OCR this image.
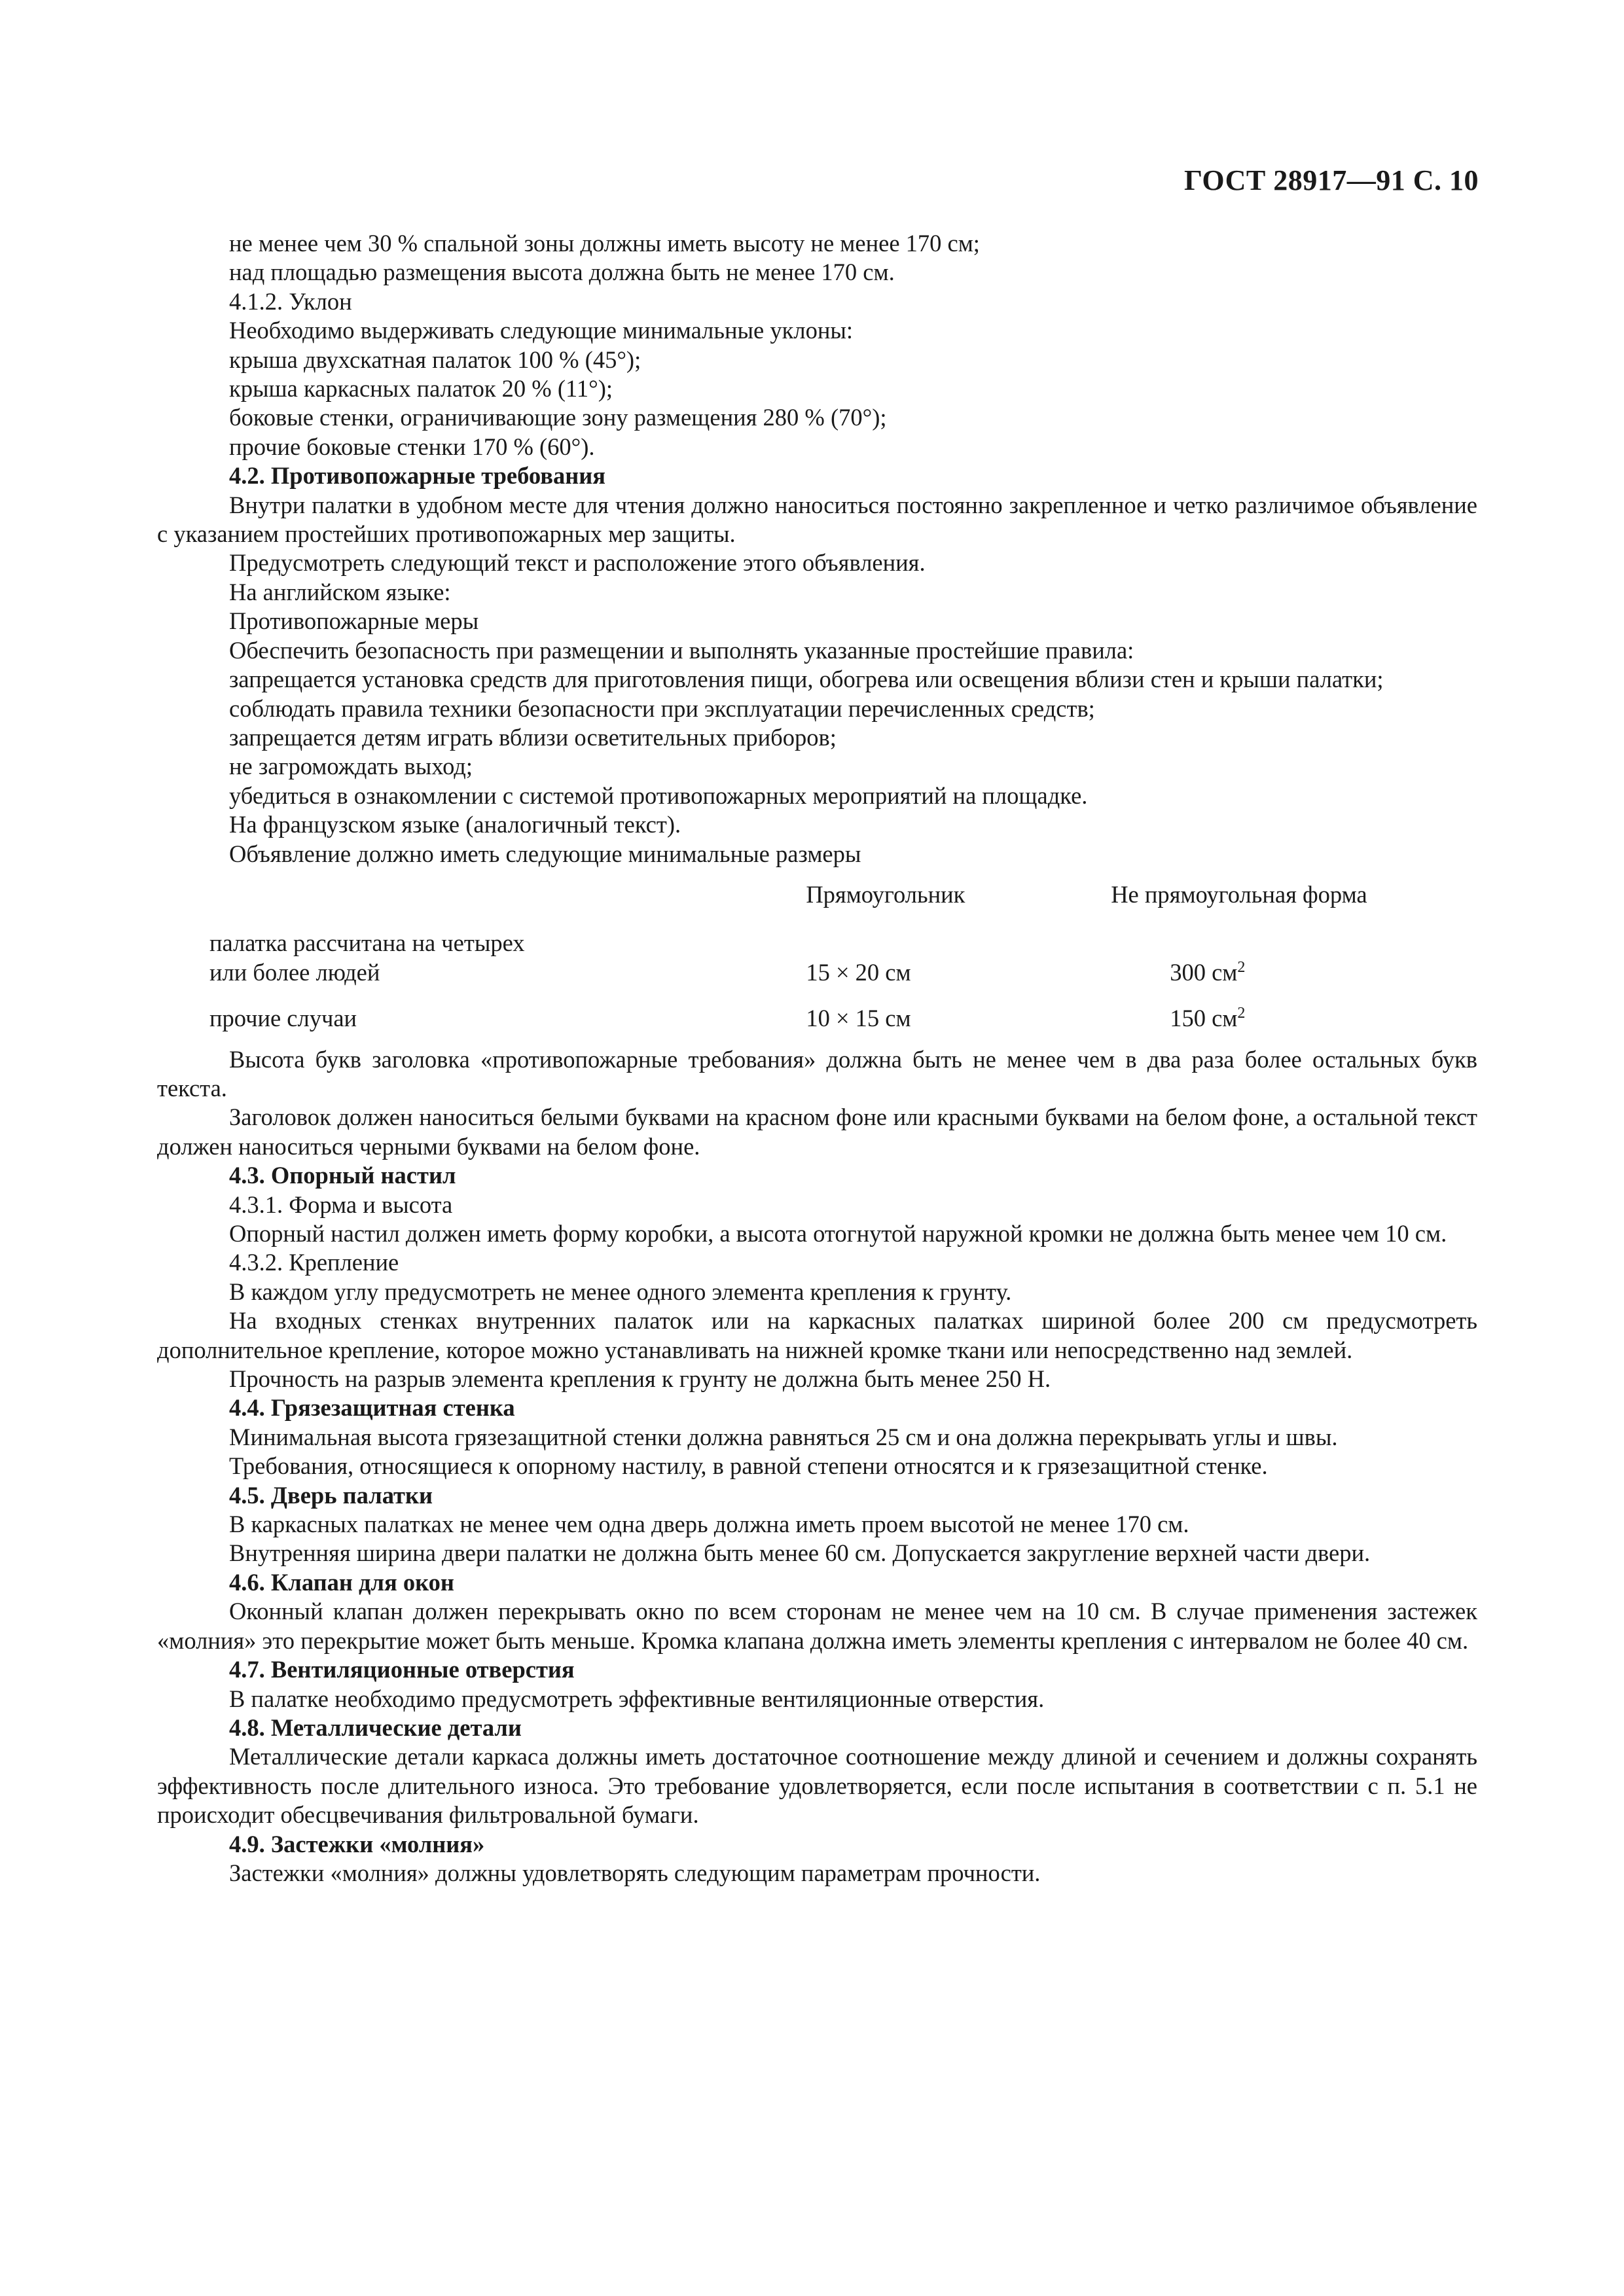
ГОСТ 28917—91 С. 10

не менее чем 30 % спальной зоны должны иметь высоту не менее 170 см;

над площадью размещения высота должна быть не менее 170 см.

4.1.2. Уклон

Необходимо выдерживать следующие минимальные уклоны:

крыша двухскатная палаток 100 % (45°);

крыша каркасных палаток 20 % (11°);

боковые стенки, ограничивающие зону размещения 280 % (70°);

прочие боковые стенки 170 % (60°).

4.2. Противопожарные требования

Внутри палатки в удобном месте для чтения должно наноситься постоянно закрепленное и четко различимое объявление с указанием простейших противопожарных мер защиты.

Предусмотреть следующий текст и расположение этого объявления.

На английском языке:

Противопожарные меры

Обеспечить безопасность при размещении и выполнять указанные простейшие правила:

запрещается установка средств для приготовления пищи, обогрева или освещения вблизи стен и крыши палатки;

соблюдать правила техники безопасности при эксплуатации перечисленных средств;

запрещается детям играть вблизи осветительных приборов;

не загромождать выход;

убедиться в ознакомлении с системой противопожарных мероприятий на площадке.

На французском языке (аналогичный текст).

Объявление должно иметь следующие минимальные размеры

	Прямоугольник	Не прямоугольная форма
палатка рассчитана на четырех
или более людей	15 × 20 см	300 $см^2$
прочие случаи	10 × 15 см	150 $см^2$

Высота букв заголовка «противопожарные требования» должна быть не менее чем в два раза более остальных букв текста.

Заголовок должен наноситься белыми буквами на красном фоне или красными буквами на белом фоне, а остальной текст должен наноситься черными буквами на белом фоне.

4.3. Опорный настил

4.3.1. Форма и высота

Опорный настил должен иметь форму коробки, а высота отогнутой наружной кромки не должна быть менее чем 10 см.

4.3.2. Крепление

В каждом углу предусмотреть не менее одного элемента крепления к грунту.

На входных стенках внутренних палаток или на каркасных палатках шириной более 200 см предусмотреть дополнительное крепление, которое можно устанавливать на нижней кромке ткани или непосредственно над землей.

Прочность на разрыв элемента крепления к грунту не должна быть менее 250 Н.

4.4. Грязезащитная стенка

Минимальная высота грязезащитной стенки должна равняться 25 см и она должна перекрывать углы и швы.

Требования, относящиеся к опорному настилу, в равной степени относятся и к грязезащитной стенке.

4.5. Дверь палатки

В каркасных палатках не менее чем одна дверь должна иметь проем высотой не менее 170 см.

Внутренняя ширина двери палатки не должна быть менее 60 см. Допускается закругление верхней части двери.

4.6. Клапан для окон

Оконный клапан должен перекрывать окно по всем сторонам не менее чем на 10 см. В случае применения застежек «молния» это перекрытие может быть меньше. Кромка клапана должна иметь элементы крепления с интервалом не более 40 см.

4.7. Вентиляционные отверстия

В палатке необходимо предусмотреть эффективные вентиляционные отверстия.

4.8. Металлические детали

Металлические детали каркаса должны иметь достаточное соотношение между длиной и сечением и должны сохранять эффективность после длительного износа. Это требование удовлетворяется, если после испытания в соответствии с п. 5.1 не происходит обесцвечивания фильтровальной бумаги.

4.9. Застежки «молния»

Застежки «молния» должны удовлетворять следующим параметрам прочности.
